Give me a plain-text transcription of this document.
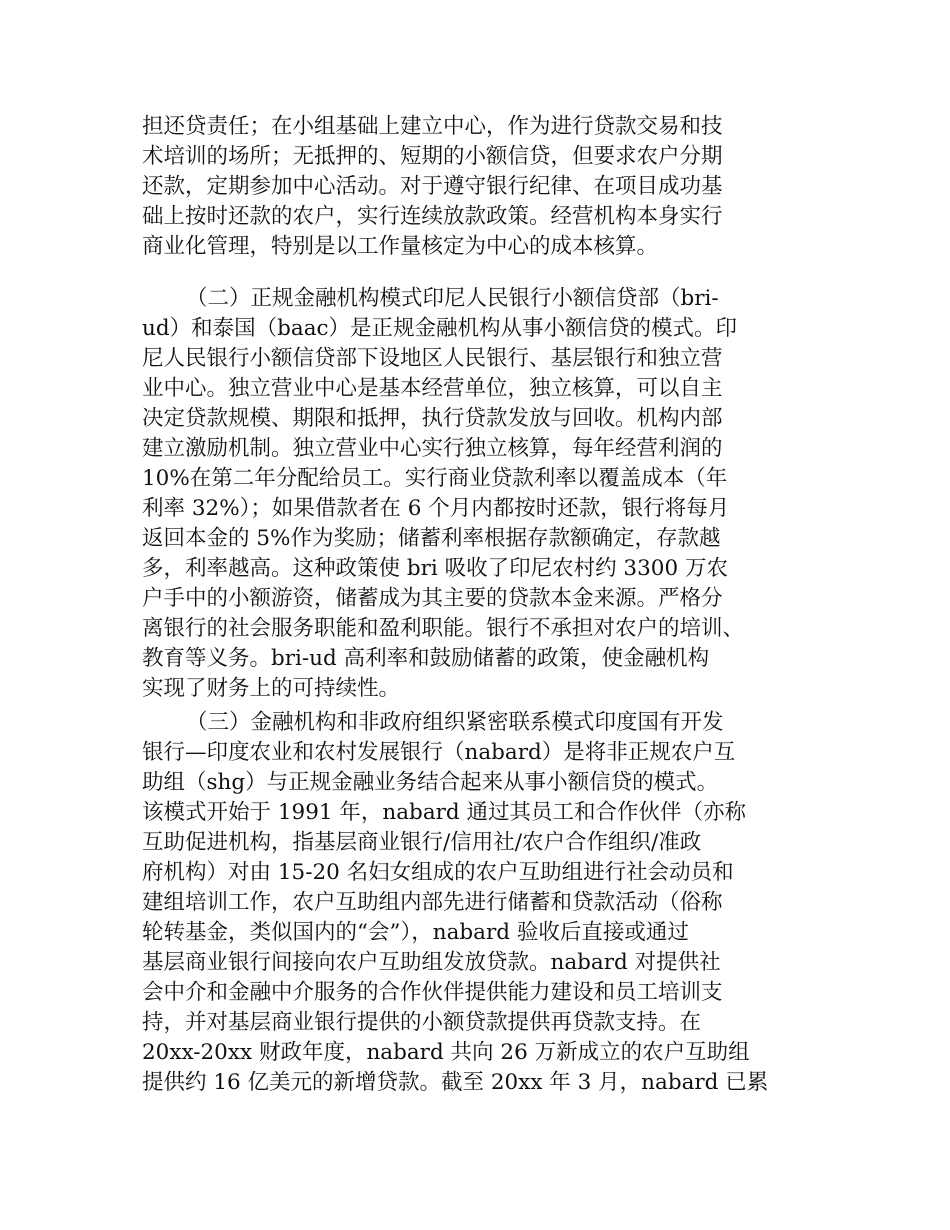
担还贷责任；在小组基础上建立中心，作为进行贷款交易和技
术培训的场所；无抵押的、短期的小额信贷，但要求农户分期
还款，定期参加中心活动。对于遵守银行纪律、在项目成功基
础上按时还款的农户，实行连续放款政策。经营机构本身实行
商业化管理，特别是以工作量核定为中心的成本核算。
（二）正规金融机构模式印尼人民银行小额信贷部（bri-
ud）和泰国（baac）是正规金融机构从事小额信贷的模式。印
尼人民银行小额信贷部下设地区人民银行、基层银行和独立营
业中心。独立营业中心是基本经营单位，独立核算，可以自主
决定贷款规模、期限和抵押，执行贷款发放与回收。机构内部
建立激励机制。独立营业中心实行独立核算，每年经营利润的
10%在第二年分配给员工。实行商业贷款利率以覆盖成本（年
利率 32%）；如果借款者在 6 个月内都按时还款，银行将每月
返回本金的 5%作为奖励；储蓄利率根据存款额确定，存款越
多，利率越高。这种政策使 bri 吸收了印尼农村约 3300 万农
户手中的小额游资，储蓄成为其主要的贷款本金来源。严格分
离银行的社会服务职能和盈利职能。银行不承担对农户的培训、
教育等义务。bri-ud 高利率和鼓励储蓄的政策，使金融机构
实现了财务上的可持续性。
（三）金融机构和非政府组织紧密联系模式印度国有开发
银行—印度农业和农村发展银行（nabard）是将非正规农户互
助组（shg）与正规金融业务结合起来从事小额信贷的模式。
该模式开始于 1991 年，nabard 通过其员工和合作伙伴（亦称
互助促进机构，指基层商业银行/信用社/农户合作组织/准政
府机构）对由 15-20 名妇女组成的农户互助组进行社会动员和
建组培训工作，农户互助组内部先进行储蓄和贷款活动（俗称
轮转基金，类似国内的“会”），nabard 验收后直接或通过
基层商业银行间接向农户互助组发放贷款。nabard 对提供社
会中介和金融中介服务的合作伙伴提供能力建设和员工培训支
持，并对基层商业银行提供的小额贷款提供再贷款支持。在
20xx-20xx 财政年度，nabard 共向 26 万新成立的农户互助组
提供约 16 亿美元的新增贷款。截至 20xx 年 3 月，nabard 已累
